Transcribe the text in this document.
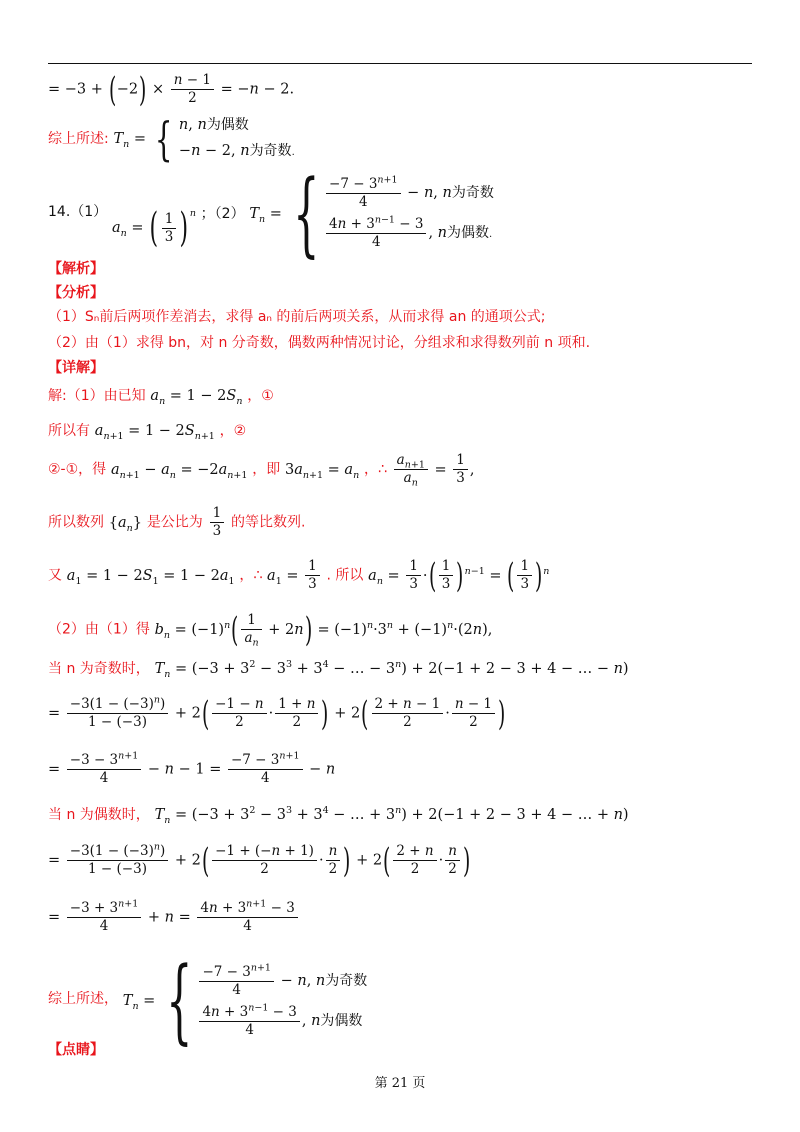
= $-3 + (-2) \times \frac{n - 1}{2} = -n - 2$.
综上所述: $T_n$ = { n, n为偶数
−n − 2, n为奇数.
14.（1） $a_n$ = ( $\frac{1}{3}$ ) $^n$ ；（2） $T_n$ = { $\frac{-7 - 3^{n+1}}{4} - n$, n为奇数
$\frac{4n + 3^{n-1} - 3}{4}$ , n为偶数.
【解析】
【分析】
（1）Sₙ前后两项作差消去，求得 aₙ 的前后两项关系，从而求得 an 的通项公式;
（2）由（1）求得 bn，对 n 分奇数，偶数两种情况讨论，分组求和求得数列前 n 项和.
【详解】
解:（1）由已知 $a_n = 1 - 2S_n$ ，①
所以有 $a_{n+1} = 1 - 2S_{n+1}$ ，②
②-①，得 $a_{n+1} - a_n = -2a_{n+1}$ ，即 $3a_{n+1} = a_n$ ，∴ $\frac{a_{n+1}}{a_n} = \frac{1}{3}$ ,
所以数列 $\{a_n\}$ 是公比为 $\frac{1}{3}$ 的等比数列.
又 $a_1 = 1 - 2S_1 = 1 - 2a_1$ ，∴ $a_1 = \frac{1}{3}$ . 所以 $a_n = \frac{1}{3}$ ·( $\frac{1}{3} )^{n-1}$ = ( $\frac{1}{3} )^n$
（2）由（1）得 $b_n = (-1)^n( \frac{1}{a_n} + 2n) = (-1)^n\cdot 3^n + (-1)^n\cdot(2n)$,
当 n 为奇数时， $T_n = (-3 + 3^2 - 3^3 + 3^4$ − … − $3^n) + 2(-1 + 2 - 3 + 4$ − … − n)
= $\frac{-3(1 - (-3)^n)}{1 - (-3)} + 2( \frac{-1 - n}{2} \cdot \frac{1 + n}{2}$ ) + $2( \frac{2 + n - 1}{2} \cdot \frac{n - 1}{2}$ )
= $\frac{-3 - 3^{n+1}}{4} - n - 1 = \frac{-7 - 3^{n+1}}{4} - n$
当 n 为偶数时， $T_n = (-3 + 3^2 - 3^3 + 3^4$ − … + $3^n) + 2(-1 + 2 - 3 + 4$ − … + n)
= $\frac{-3(1 - (-3)^n)}{1 - (-3)} + 2( \frac{-1 + (-n + 1)}{2} \cdot \frac{n}{2}$ ) + $2( \frac{2 + n}{2} \cdot \frac{n}{2}$ )
= $\frac{-3 + 3^{n+1}}{4} + n = \frac{4n + 3^{n+1} - 3}{4}$
综上所述， $T_n$ = { $\frac{-7 - 3^{n+1}}{4} - n$, n为奇数
$\frac{4n + 3^{n-1} - 3}{4}$ , n为偶数
【点睛】
第 21 页
